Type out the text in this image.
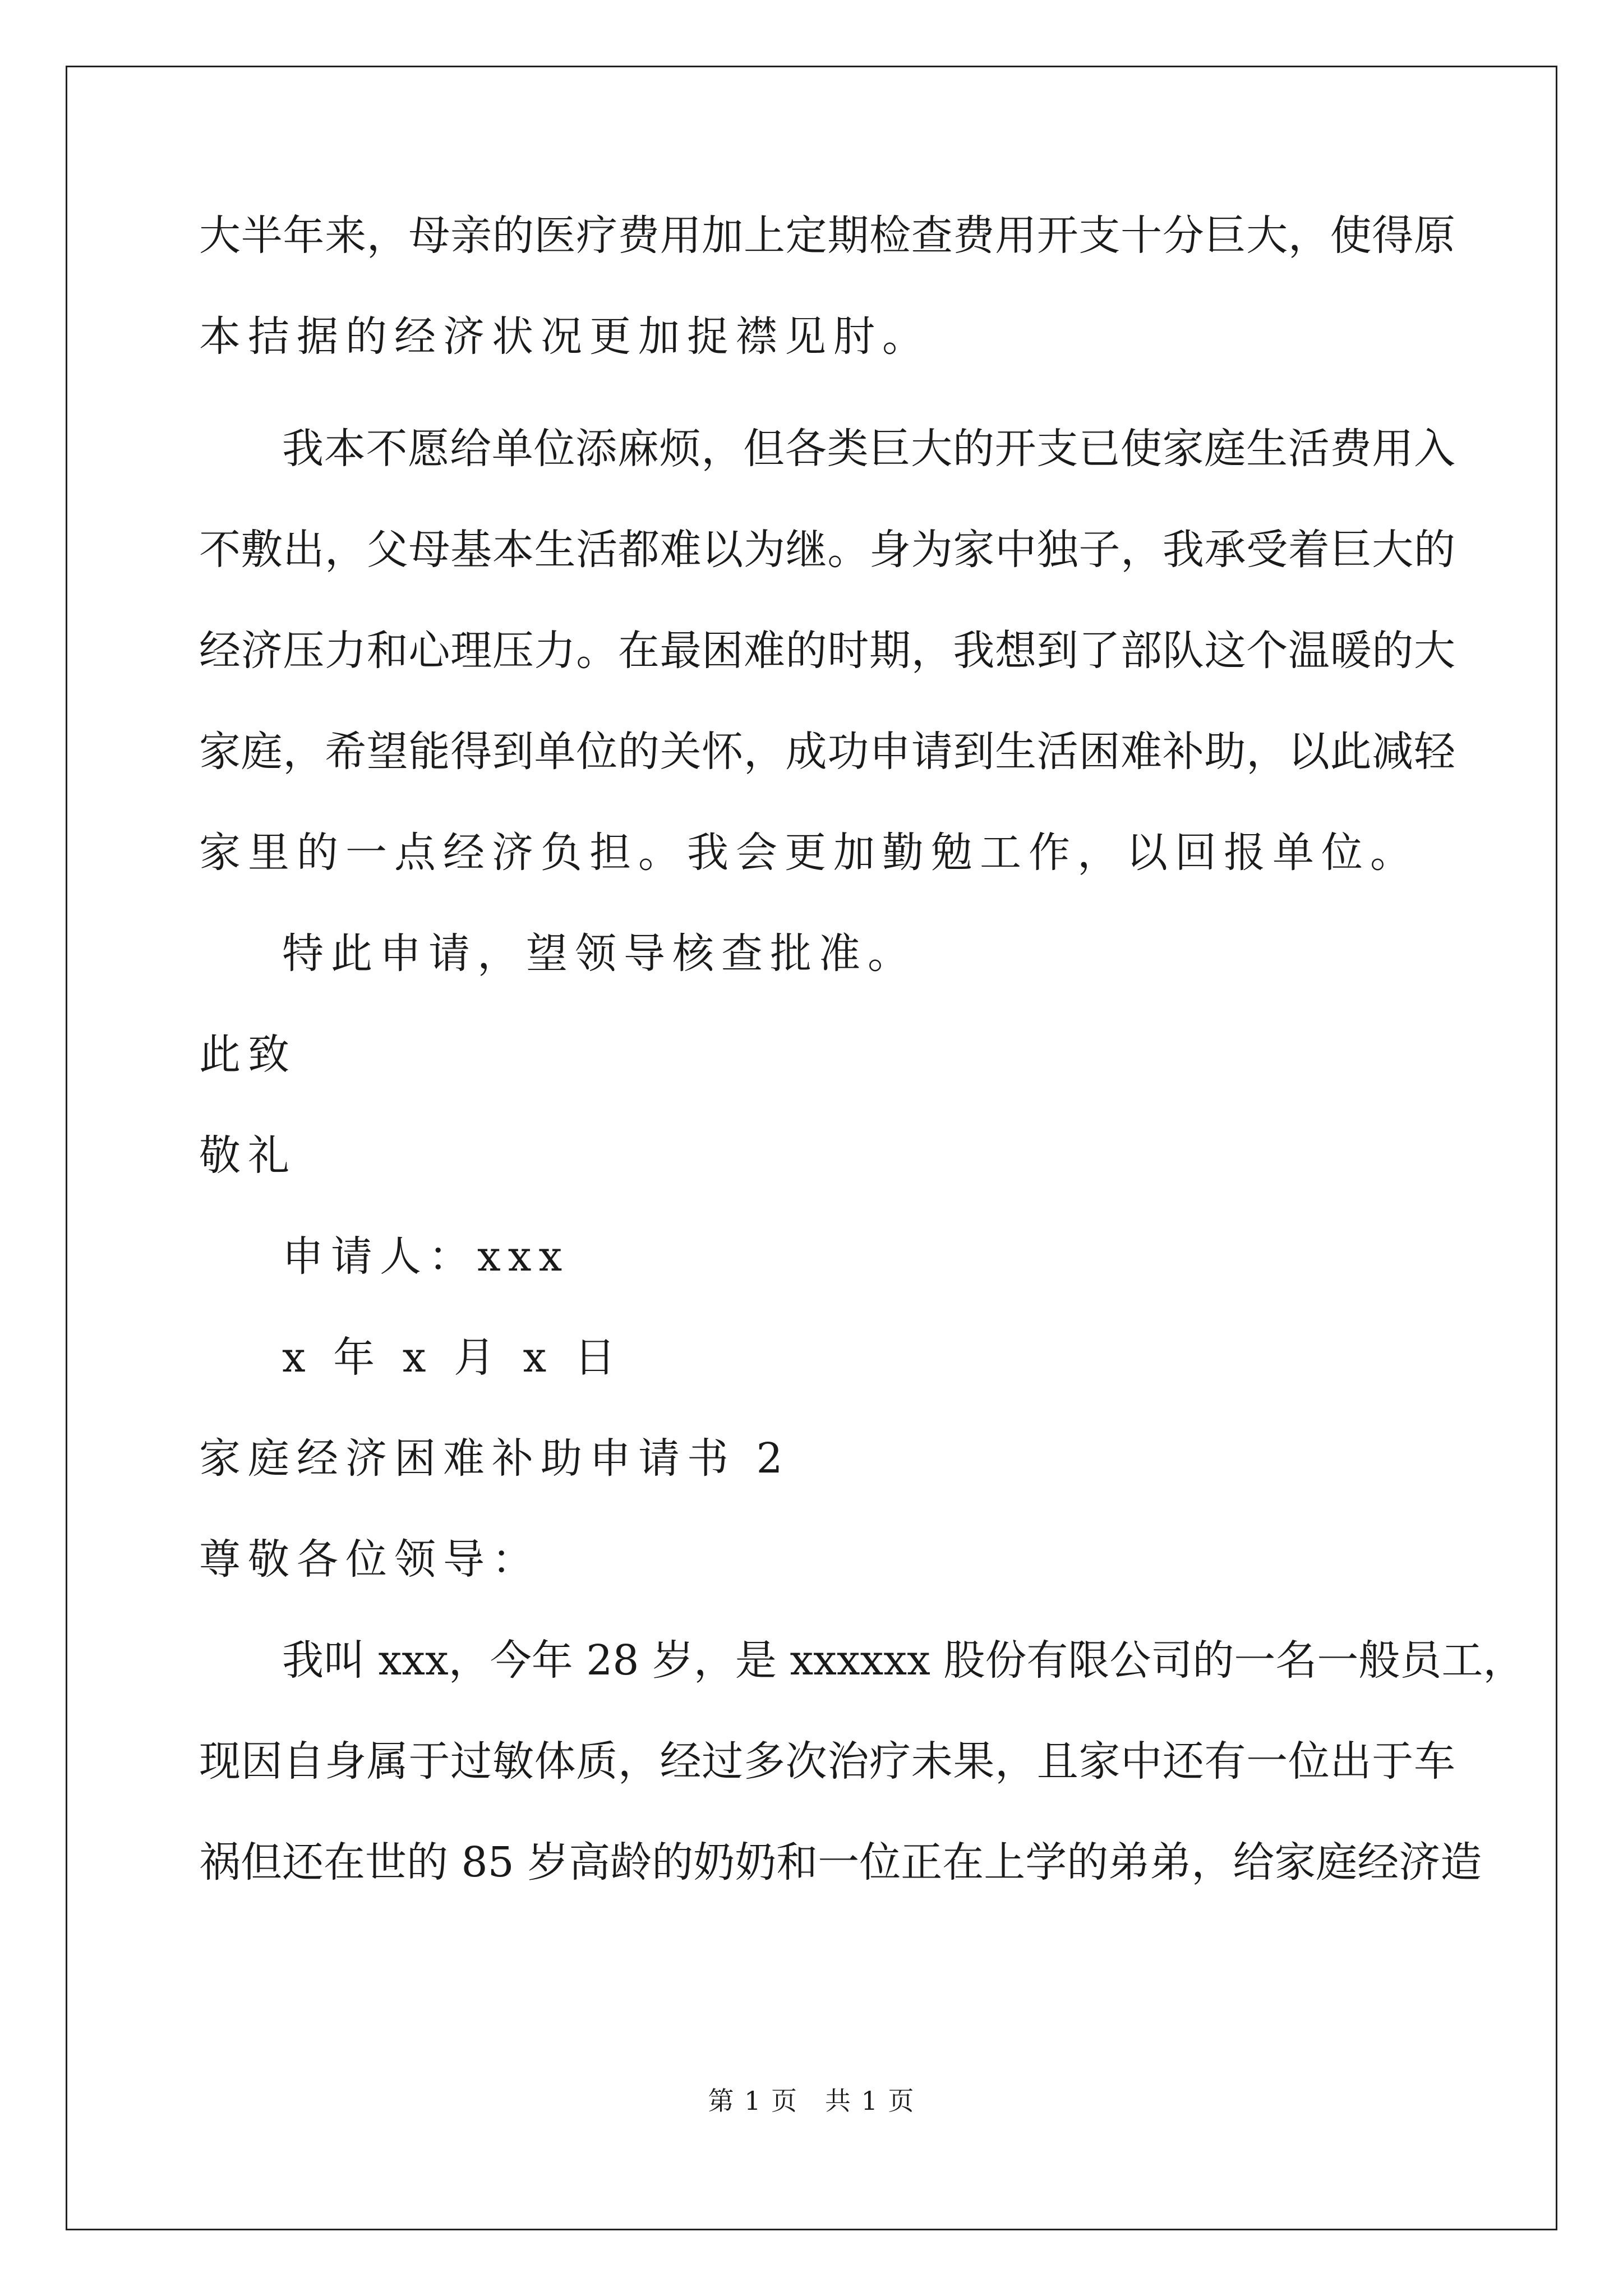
大半年来，母亲的医疗费用加上定期检查费用开支十分巨大，使得原
本拮据的经济状况更加捉襟见肘。
我本不愿给单位添麻烦，但各类巨大的开支已使家庭生活费用入
不敷出，父母基本生活都难以为继。身为家中独子，我承受着巨大的
经济压力和心理压力。在最困难的时期，我想到了部队这个温暖的大
家庭，希望能得到单位的关怀，成功申请到生活困难补助，以此减轻
家里的一点经济负担。我会更加勤勉工作，以回报单位。
特此申请，望领导核查批准。
此致
敬礼
申请人：xxx
x 年 x 月 x 日
家庭经济困难补助申请书 2
尊敬各位领导：
我叫 xxx，今年 28 岁，是 xxxxxx 股份有限公司的一名一般员工，
现因自身属于过敏体质，经过多次治疗未果，且家中还有一位出于车
祸但还在世的 85 岁高龄的奶奶和一位正在上学的弟弟，给家庭经济造
第 1 页　共 1 页
